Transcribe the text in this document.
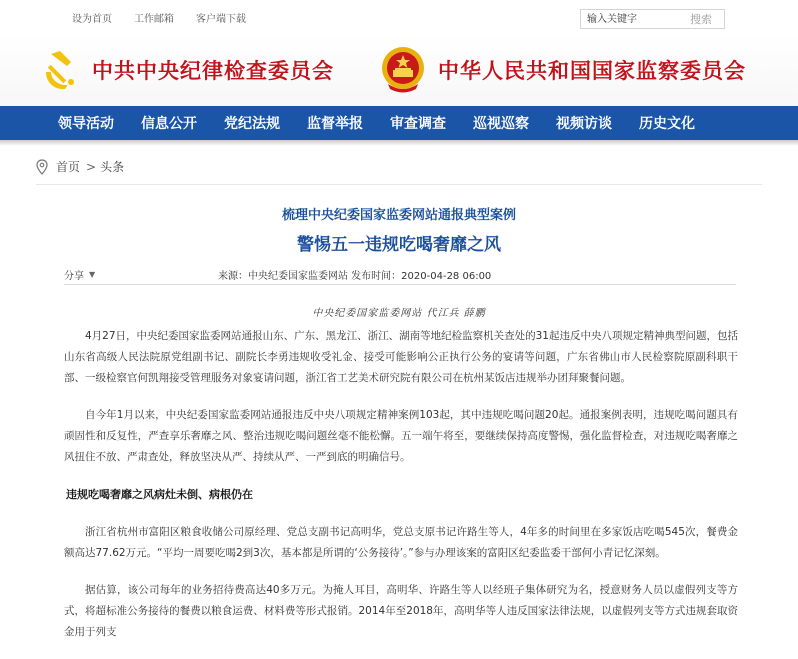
设为首页 工作邮箱 客户端下载
输入关键字	搜索
中共中央纪律检查委员会	中华人民共和国国家监察委员会
领导活动 信息公开 党纪法规 监督举报 审查调查 巡视巡察 视频访谈 历史文化
首页 > 头条
梳理中央纪委国家监委网站通报典型案例
警惕五一违规吃喝奢靡之风
分享 ▼	来源：中央纪委国家监委网站 发布时间：2020-04-28 06:00
中央纪委国家监委网站 代江兵 薛鹏

4月27日，中央纪委国家监委网站通报山东、广东、黑龙江、浙江、湖南等地纪检监察机关查处的31起违反中央八项规定精神典型问题，包括山东省高级人民法院原党组副书记、副院长李勇违规收受礼金、接受可能影响公正执行公务的宴请等问题，广东省佛山市人民检察院原副科职干部、一级检察官何凯翔接受管理服务对象宴请问题，浙江省工艺美术研究院有限公司在杭州某饭店违规举办团拜聚餐问题。

自今年1月以来，中央纪委国家监委网站通报违反中央八项规定精神案例103起，其中违规吃喝问题20起。通报案例表明，违规吃喝问题具有顽固性和反复性，严查享乐奢靡之风、整治违规吃喝问题丝毫不能松懈。五一端午将至，要继续保持高度警惕，强化监督检查，对违规吃喝奢靡之风扭住不放、严肃查处，释放坚决从严、持续从严、一严到底的明确信号。

违规吃喝奢靡之风病灶未倒、病根仍在

浙江省杭州市富阳区粮食收储公司原经理、党总支副书记高明华，党总支原书记许路生等人，4年多的时间里在多家饭店吃喝545次，餐费金额高达77.62万元。“平均一周要吃喝2到3次，基本都是所谓的‘公务接待’。”参与办理该案的富阳区纪委监委干部何小青记忆深刻。

据估算，该公司每年的业务招待费高达40多万元。为掩人耳目，高明华、许路生等人以经班子集体研究为名，授意财务人员以虚假列支等方式，将超标准公务接待的餐费以粮食运费、材料费等形式报销。2014年至2018年，高明华等人违反国家法律法规，以虚假列支等方式违规套取资金用于列支
